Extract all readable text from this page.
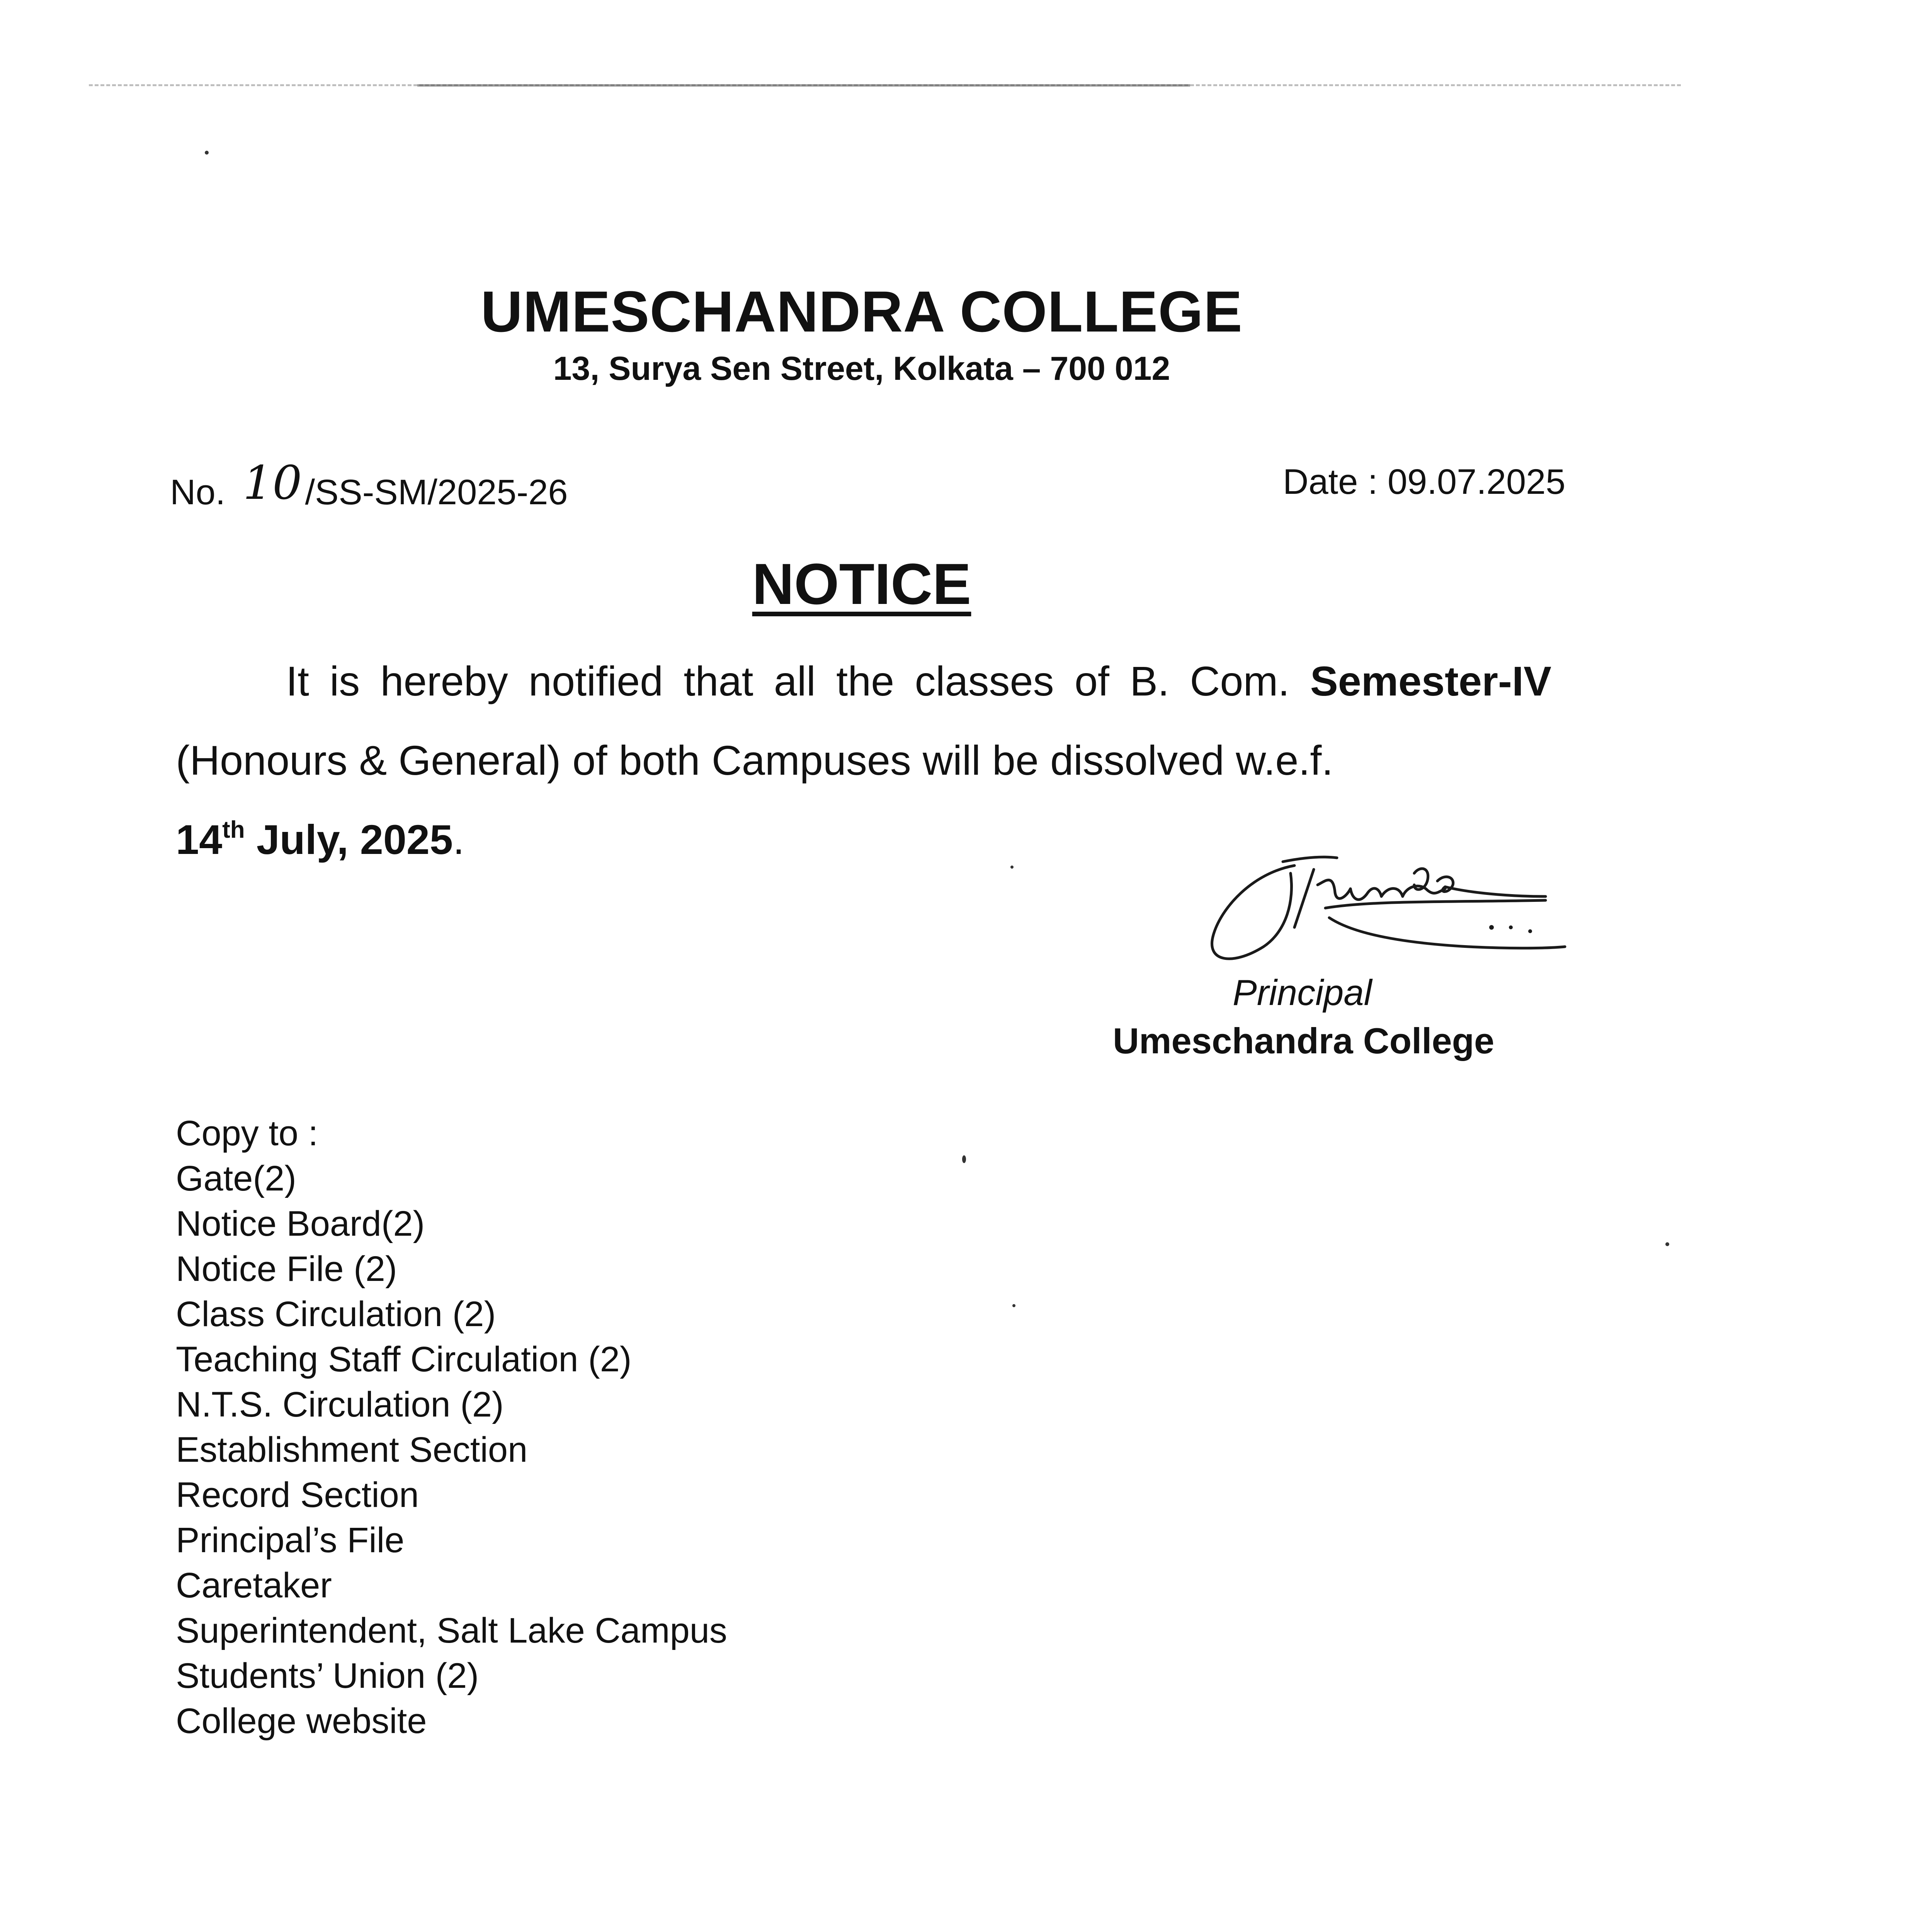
UMESCHANDRA COLLEGE
13, Surya Sen Street, Kolkata – 700 012
No. 10/SS-SM/2025-26	Date : 09.07.2025
NOTICE
It is hereby notified that all the classes of B. Com. Semester-IV (Honours & General) of both Campuses will be dissolved w.e.f.
14th July, 2025.
Principal
Umeschandra College
Copy to :
Gate(2)
Notice Board(2)
Notice File (2)
Class Circulation (2)
Teaching Staff Circulation (2)
N.T.S. Circulation (2)
Establishment Section
Record Section
Principal’s File
Caretaker
Superintendent, Salt Lake Campus
Students’ Union (2)
College website
